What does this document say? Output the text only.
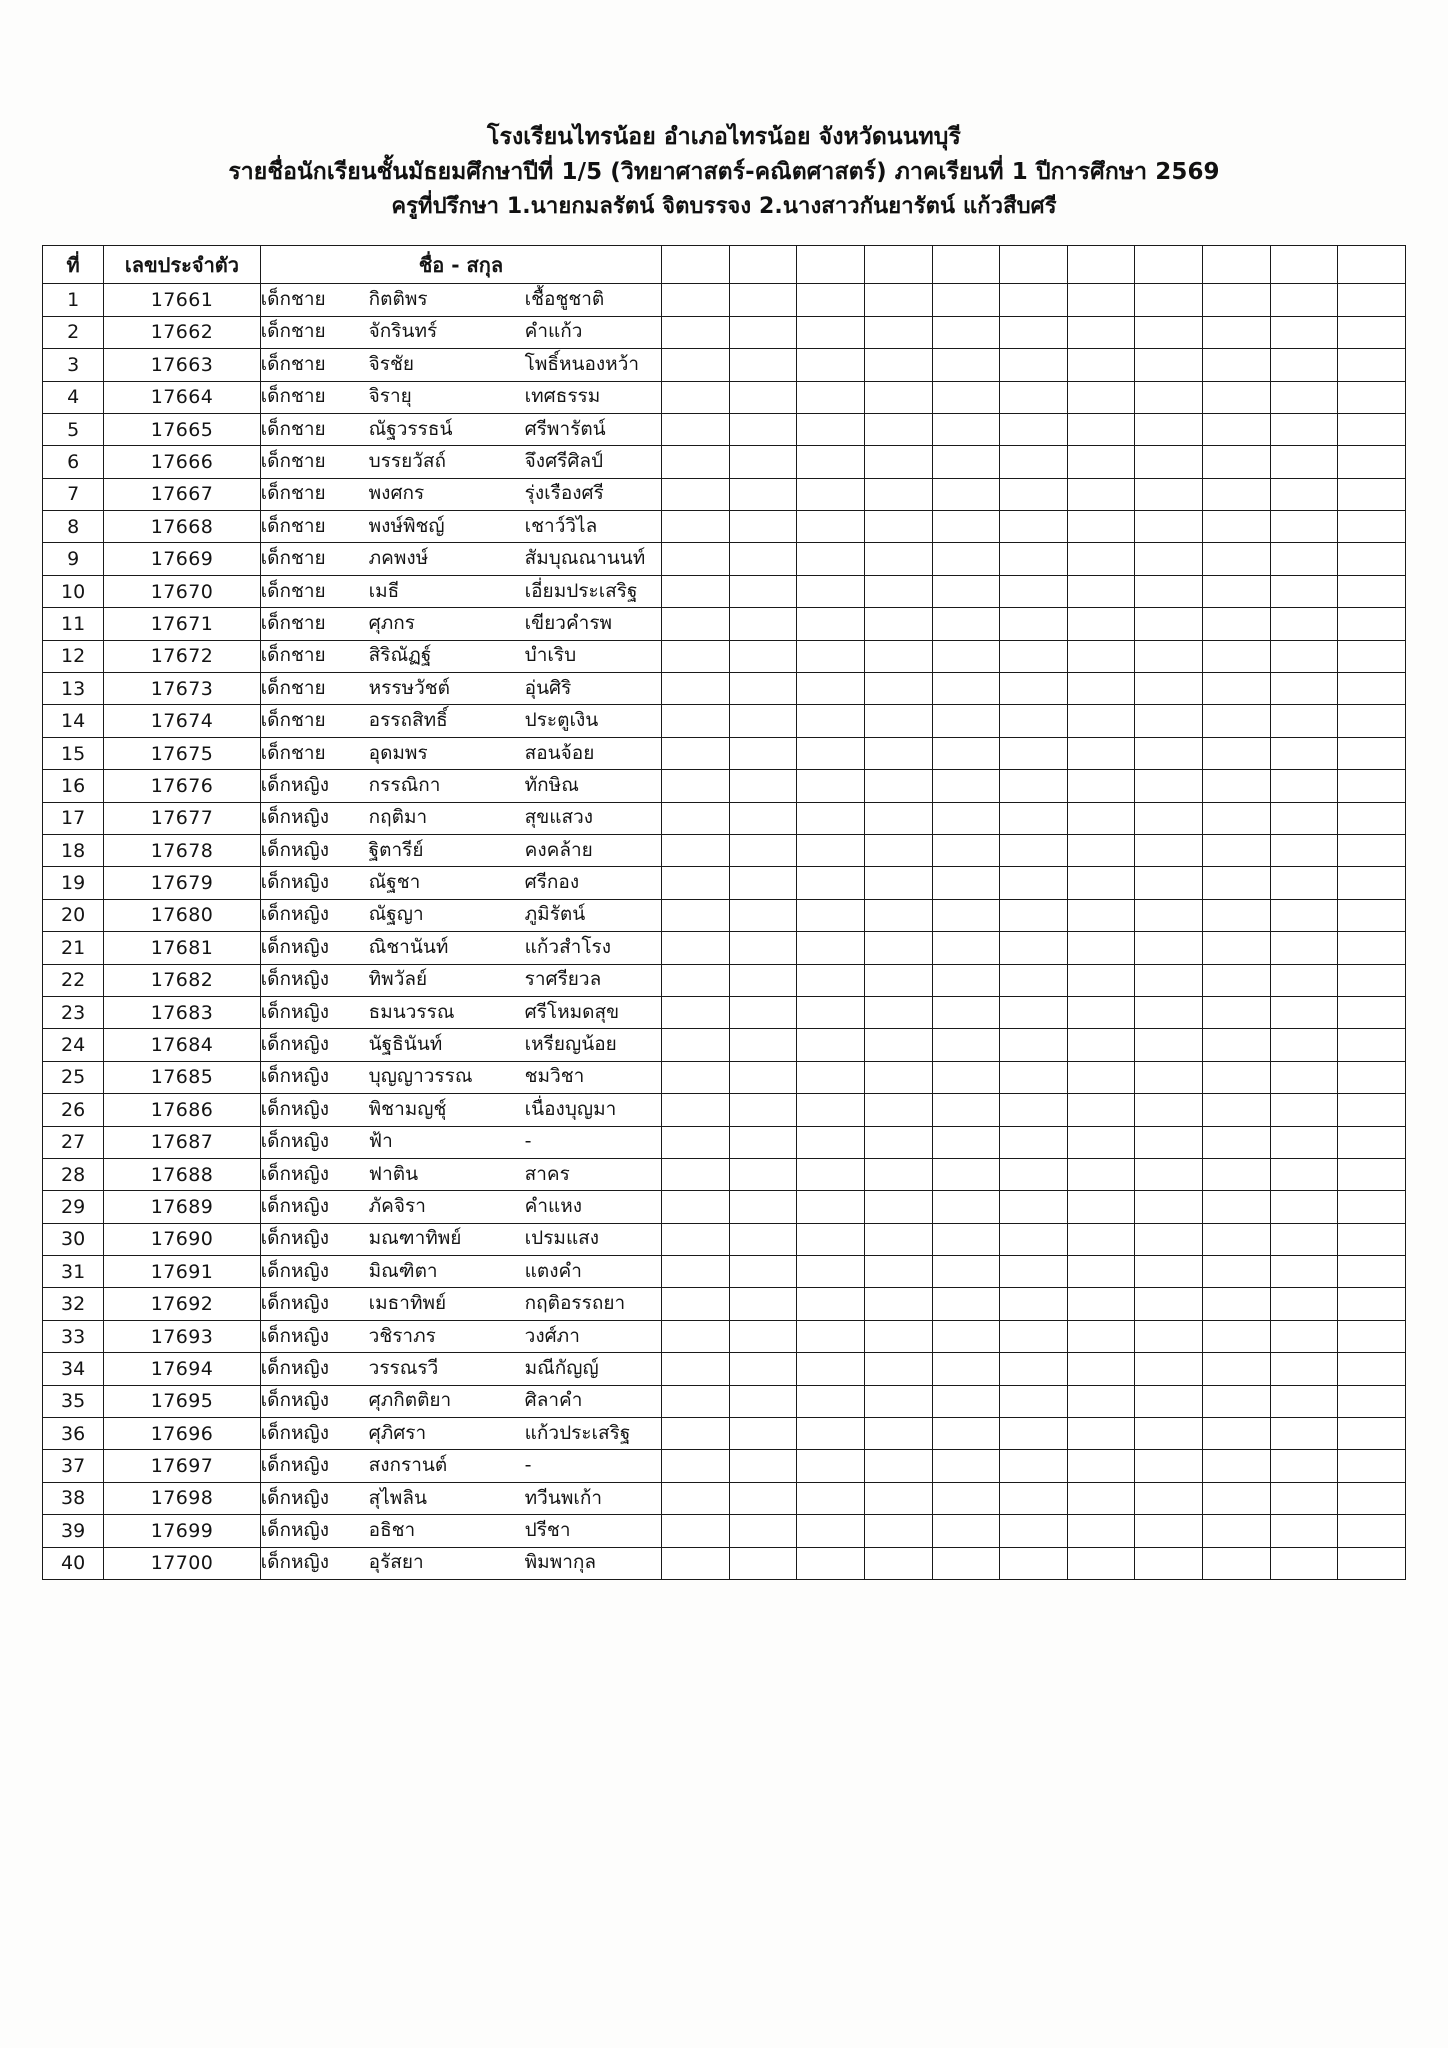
โรงเรียนไทรน้อย อำเภอไทรน้อย จังหวัดนนทบุรี
รายชื่อนักเรียนชั้นมัธยมศึกษาปีที่ 1/5 (วิทยาศาสตร์-คณิตศาสตร์) ภาคเรียนที่ 1 ปีการศึกษา 2569
ครูที่ปรึกษา 1.นายกมลรัตน์ จิตบรรจง 2.นางสาวกันยารัตน์ แก้วสืบศรี
ที่	เลขประจำตัว	ชื่อ - สกุล											
1	17661	เด็กชาย กิตติพร เชื้อชูชาติ											

2	17662	เด็กชาย จักรินทร์ คำแก้ว											

3	17663	เด็กชาย จิรชัย โพธิ์หนองหว้า											

4	17664	เด็กชาย จิรายุ เทศธรรม											

5	17665	เด็กชาย ณัฐวรรธน์ ศรีพารัตน์											

6	17666	เด็กชาย บรรยวัสถ์ จึงศรีศิลป์											

7	17667	เด็กชาย พงศกร รุ่งเรืองศรี											

8	17668	เด็กชาย พงษ์พิชญ์ เชาว์วิไล											

9	17669	เด็กชาย ภคพงษ์ สัมบุณณานนท์											

10	17670	เด็กชาย เมธี เอี่ยมประเสริฐ											

11	17671	เด็กชาย ศุภกร เขียวคำรพ											

12	17672	เด็กชาย สิริณัฏฐ์ บำเริบ											

13	17673	เด็กชาย หรรษวัชต์ อุ่นศิริ											

14	17674	เด็กชาย อรรถสิทธิ์ ประตูเงิน											

15	17675	เด็กชาย อุดมพร สอนจ้อย											

16	17676	เด็กหญิง กรรณิกา ทักษิณ											

17	17677	เด็กหญิง กฤติมา สุขแสวง											

18	17678	เด็กหญิง ฐิตารีย์ คงคล้าย											

19	17679	เด็กหญิง ณัฐชา ศรีกอง											

20	17680	เด็กหญิง ณัฐญา ภูมิรัตน์											

21	17681	เด็กหญิง ณิชานันท์ แก้วสำโรง											

22	17682	เด็กหญิง ทิพวัลย์ ราศรียวล											

23	17683	เด็กหญิง ธมนวรรณ ศรีโหมดสุข											

24	17684	เด็กหญิง นัฐธินันท์ เหรียญน้อย											

25	17685	เด็กหญิง บุญญาวรรณ ชมวิชา											

26	17686	เด็กหญิง พิชามญชุ์ เนื่องบุญมา											

27	17687	เด็กหญิง ฟ้า -											

28	17688	เด็กหญิง ฟาติน สาคร											

29	17689	เด็กหญิง ภัคจิรา คำแหง											

30	17690	เด็กหญิง มณฑาทิพย์ เปรมแสง											

31	17691	เด็กหญิง มิณฑิตา แตงคำ											

32	17692	เด็กหญิง เมธาทิพย์ กฤติอรรถยา											

33	17693	เด็กหญิง วชิราภร วงศ์ภา											

34	17694	เด็กหญิง วรรณรวี มณีกัญญ์											

35	17695	เด็กหญิง ศุภกิตติยา ศิลาคำ											

36	17696	เด็กหญิง ศุภิศรา แก้วประเสริฐ											

37	17697	เด็กหญิง สงกรานต์ -											

38	17698	เด็กหญิง สุไพลิน ทวีนพเก้า											

39	17699	เด็กหญิง อธิชา ปรีชา											

40	17700	เด็กหญิง อุรัสยา พิมพากุล											
